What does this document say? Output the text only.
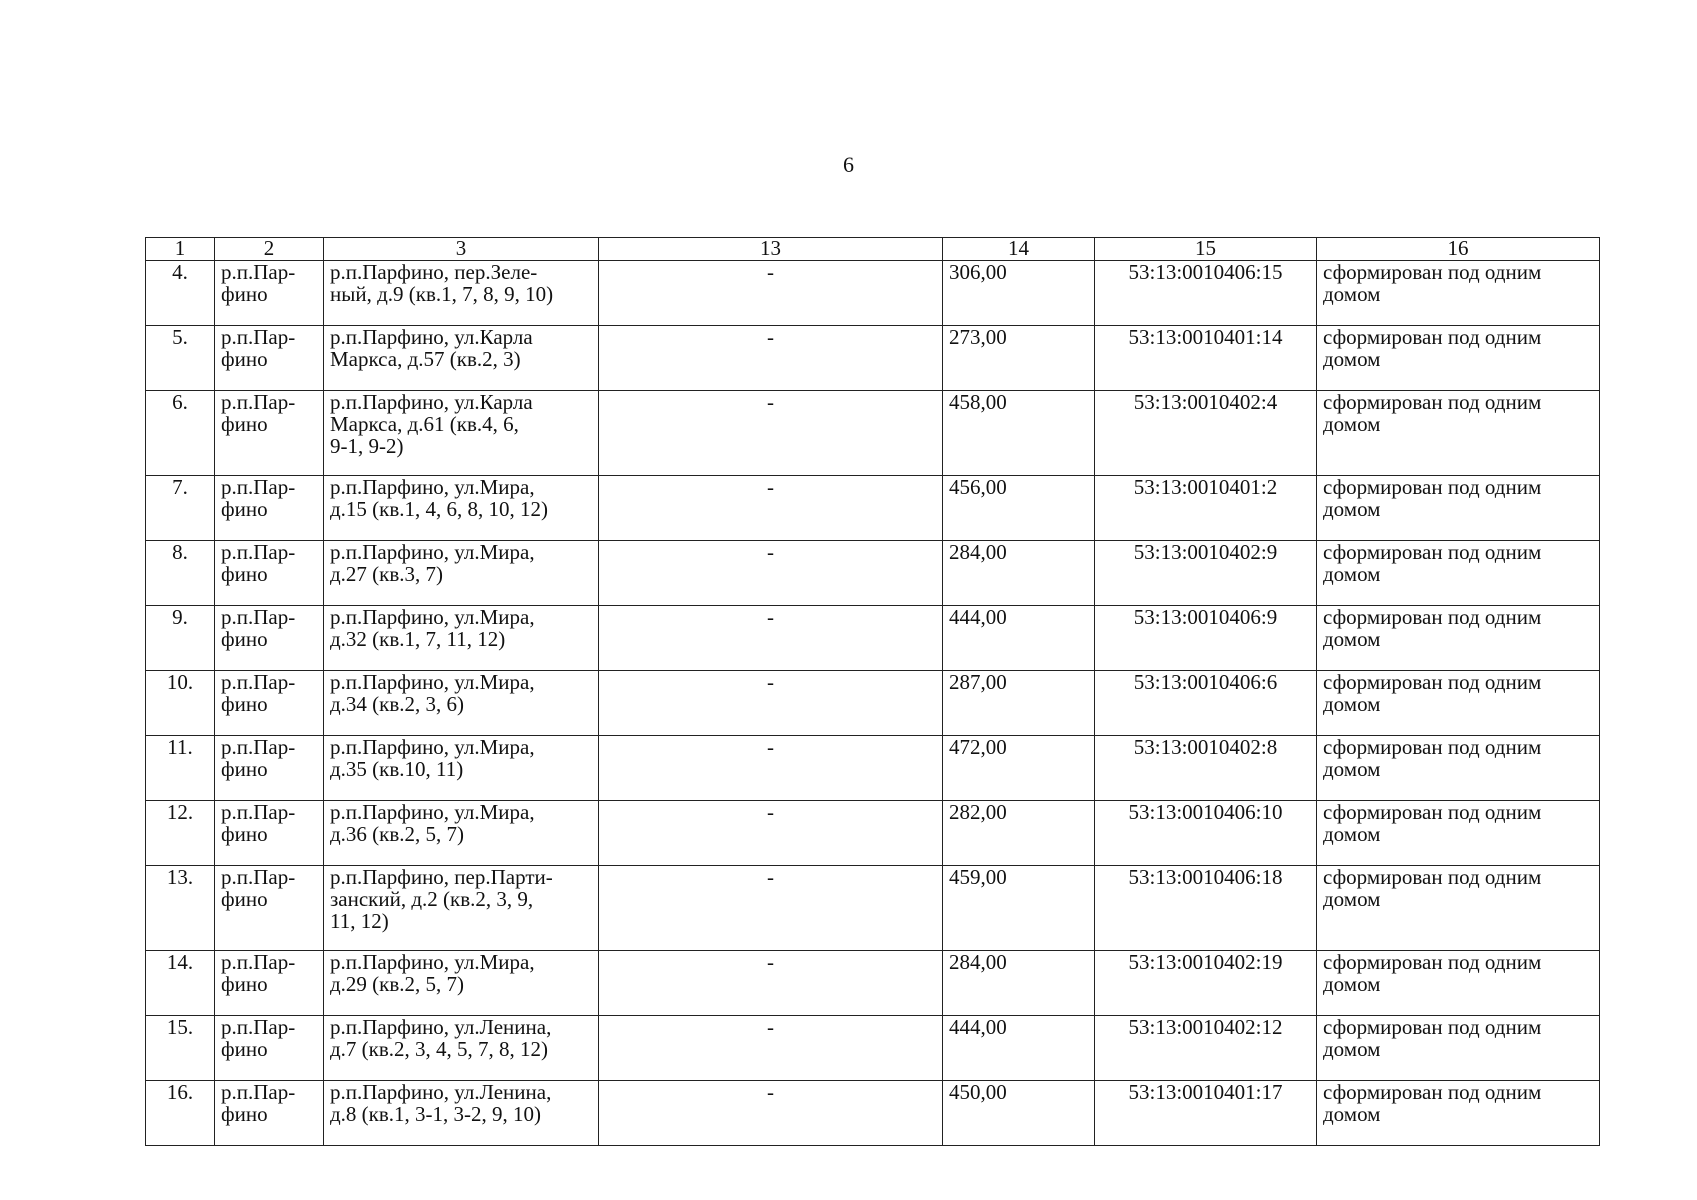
6
1	2	3	13	14	15	16
4.	р.п.Пар-
фино	р.п.Парфино, пер.Зеле-
ный, д.9 (кв.1, 7, 8, 9, 10)	-	306,00	53:13:0010406:15	сформирован под одним
домом

5.	р.п.Пар-
фино	р.п.Парфино, ул.Карла
Маркса, д.57 (кв.2, 3)	-	273,00	53:13:0010401:14	сформирован под одним
домом

6.	р.п.Пар-
фино	р.п.Парфино, ул.Карла
Маркса, д.61 (кв.4, 6,
9-1, 9-2)	-	458,00	53:13:0010402:4	сформирован под одним
домом

7.	р.п.Пар-
фино	р.п.Парфино, ул.Мира,
д.15 (кв.1, 4, 6, 8, 10, 12)	-	456,00	53:13:0010401:2	сформирован под одним
домом

8.	р.п.Пар-
фино	р.п.Парфино, ул.Мира,
д.27 (кв.3, 7)	-	284,00	53:13:0010402:9	сформирован под одним
домом

9.	р.п.Пар-
фино	р.п.Парфино, ул.Мира,
д.32 (кв.1, 7, 11, 12)	-	444,00	53:13:0010406:9	сформирован под одним
домом

10.	р.п.Пар-
фино	р.п.Парфино, ул.Мира,
д.34 (кв.2, 3, 6)	-	287,00	53:13:0010406:6	сформирован под одним
домом

11.	р.п.Пар-
фино	р.п.Парфино, ул.Мира,
д.35 (кв.10, 11)	-	472,00	53:13:0010402:8	сформирован под одним
домом

12.	р.п.Пар-
фино	р.п.Парфино, ул.Мира,
д.36 (кв.2, 5, 7)	-	282,00	53:13:0010406:10	сформирован под одним
домом

13.	р.п.Пар-
фино	р.п.Парфино, пер.Парти-
занский, д.2 (кв.2, 3, 9,
11, 12)	-	459,00	53:13:0010406:18	сформирован под одним
домом

14.	р.п.Пар-
фино	р.п.Парфино, ул.Мира,
д.29 (кв.2, 5, 7)	-	284,00	53:13:0010402:19	сформирован под одним
домом

15.	р.п.Пар-
фино	р.п.Парфино, ул.Ленина,
д.7 (кв.2, 3, 4, 5, 7, 8, 12)	-	444,00	53:13:0010402:12	сформирован под одним
домом

16.	р.п.Пар-
фино	р.п.Парфино, ул.Ленина,
д.8 (кв.1, 3-1, 3-2, 9, 10)	-	450,00	53:13:0010401:17	сформирован под одним
домом
